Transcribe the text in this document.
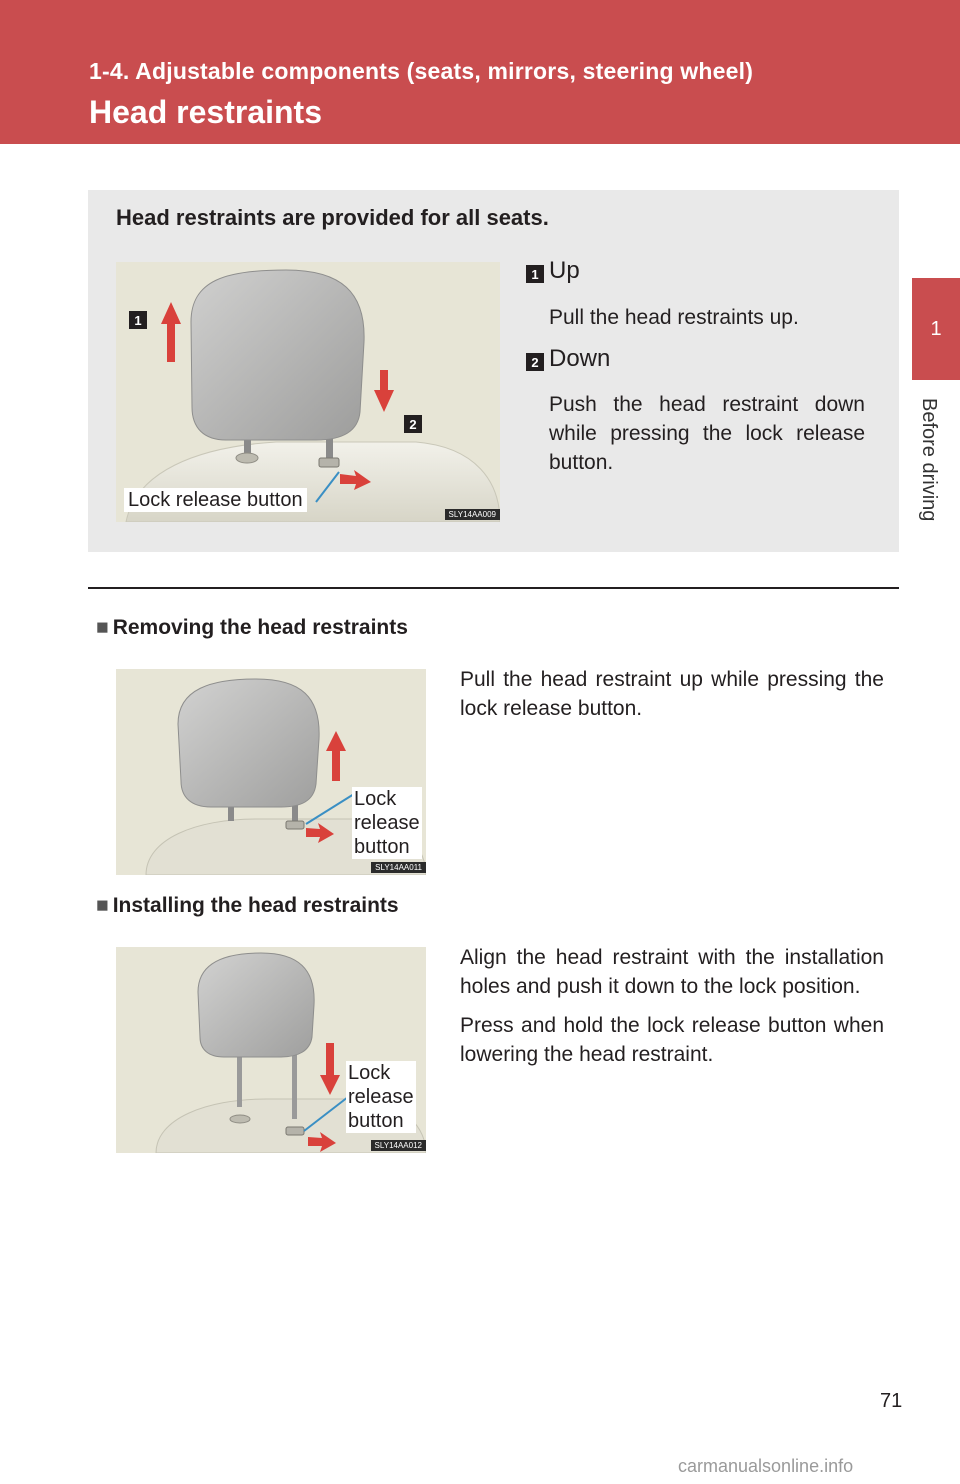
1-4. Adjustable components (seats, mirrors, steering wheel)
Head restraints
1
Before driving
Head restraints are provided for all seats.
1
2
Lock release button
SLY14AA009
1 Up
Pull the head restraints up.
2 Down
Push the head restraint down while pressing the lock release button.
■ Removing the head restraints
Lock
release
button
SLY14AA011
Pull the head restraint up while pressing the lock release button.
■ Installing the head restraints
Lock
release
button
SLY14AA012
Align the head restraint with the installation holes and push it down to the lock position.
Press and hold the lock release button when lowering the head restraint.
71
carmanualsonline.info
